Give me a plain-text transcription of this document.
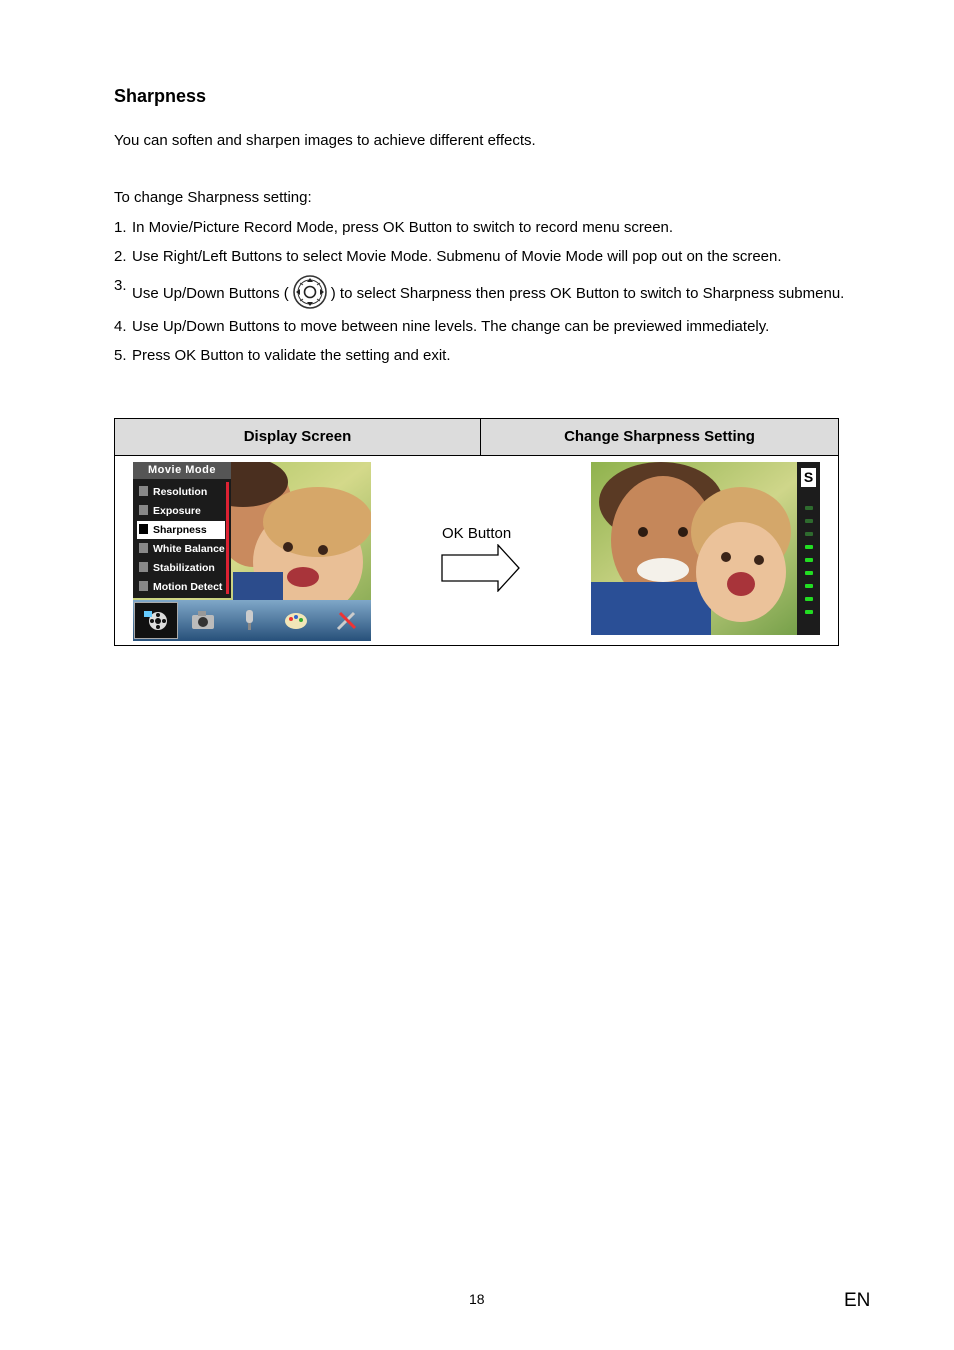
Sharpness
You can soften and sharpen images to achieve different effects.
To change Sharpness setting:
1. In Movie/Picture Record Mode, press OK Button to switch to record menu screen.
2. Use Right/Left Buttons to select Movie Mode. Submenu of Movie Mode will pop out on the screen.
3. Use Up/Down Buttons (	) to select Sharpness then press OK Button to switch to Sharpness submenu.
4. Use Up/Down Buttons to move between nine levels. The change can be previewed immediately.
5. Press OK Button to validate the setting and exit.
Display Screen	Change Sharpness Setting
Movie Mode
Resolution
Exposure
Sharpness
White Balance
Stabilization
Motion Detect
OK Button
S
18	EN
